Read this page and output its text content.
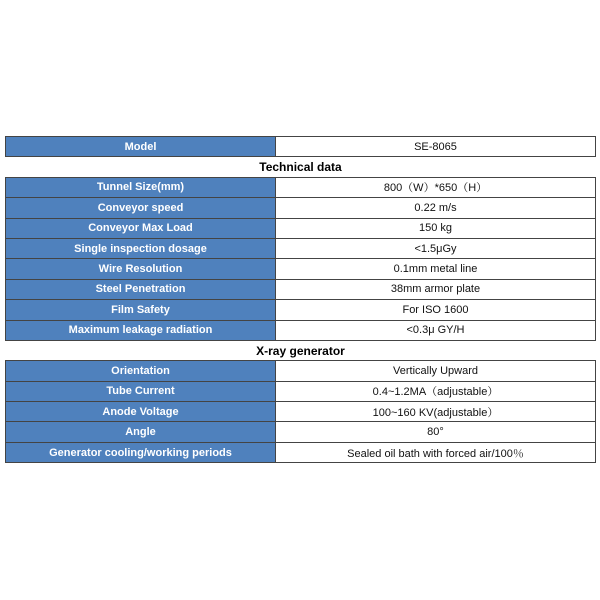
Model	SE-8065
Technical data	
Tunnel Size(mm)	800（W）*650（H）
Conveyor speed	0.22 m/s
Conveyor Max Load	150 kg
Single inspection dosage	<1.5μGy
Wire Resolution	0.1mm metal line
Steel Penetration	38mm armor plate
Film Safety	For ISO 1600
Maximum leakage radiation	<0.3μ GY/H
X-ray generator	
Orientation	Vertically Upward
Tube Current	0.4~1.2MA（adjustable）
Anode Voltage	100~160 KV(adjustable）
Angle	80°
Generator cooling/working periods	Sealed oil bath with forced air/100％
